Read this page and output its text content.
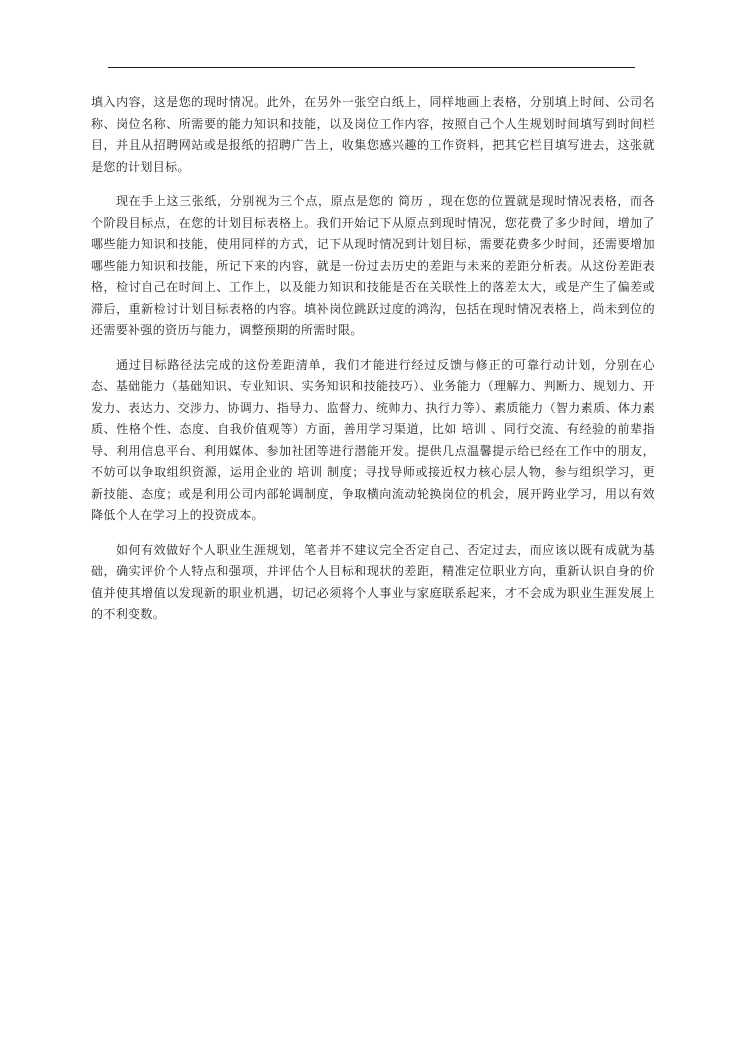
填入内容，这是您的现时情况。此外，在另外一张空白纸上，同样地画上表格，分别填上时间、公司名称、岗位名称、所需要的能力知识和技能，以及岗位工作内容，按照自己个人生规划时间填写到时间栏目，并且从招聘网站或是报纸的招聘广告上，收集您感兴趣的工作资料，把其它栏目填写进去，这张就是您的计划目标。

现在手上这三张纸，分别视为三个点，原点是您的 简历 ，现在您的位置就是现时情况表格，而各个阶段目标点，在您的计划目标表格上。我们开始记下从原点到现时情况，您花费了多少时间，增加了哪些能力知识和技能，使用同样的方式，记下从现时情况到计划目标，需要花费多少时间，还需要增加哪些能力知识和技能，所记下来的内容，就是一份过去历史的差距与未来的差距分析表。从这份差距表格，检讨自己在时间上、工作上，以及能力知识和技能是否在关联性上的落差太大，或是产生了偏差或滞后，重新检讨计划目标表格的内容。填补岗位跳跃过度的鸿沟，包括在现时情况表格上，尚未到位的还需要补强的资历与能力，调整预期的所需时限。

通过目标路径法完成的这份差距清单，我们才能进行经过反馈与修正的可靠行动计划，分别在心态、基础能力（基础知识、专业知识、实务知识和技能技巧）、业务能力（理解力、判断力、规划力、开发力、表达力、交涉力、协调力、指导力、监督力、统帅力、执行力等）、素质能力（智力素质、体力素质、性格个性、态度、自我价值观等）方面，善用学习渠道，比如 培训 、同行交流、有经验的前辈指导、利用信息平台、利用媒体、参加社团等进行潜能开发。提供几点温馨提示给已经在工作中的朋友，不妨可以争取组织资源，运用企业的 培训 制度；寻找导师或接近权力核心层人物，参与组织学习，更新技能、态度；或是利用公司内部轮调制度，争取横向流动轮换岗位的机会，展开跨业学习，用以有效降低个人在学习上的投资成本。

如何有效做好个人职业生涯规划，笔者并不建议完全否定自己、否定过去，而应该以既有成就为基础，确实评价个人特点和强项，并评估个人目标和现状的差距，精准定位职业方向，重新认识自身的价值并使其增值以发现新的职业机遇，切记必须将个人事业与家庭联系起来，才不会成为职业生涯发展上的不利变数。
